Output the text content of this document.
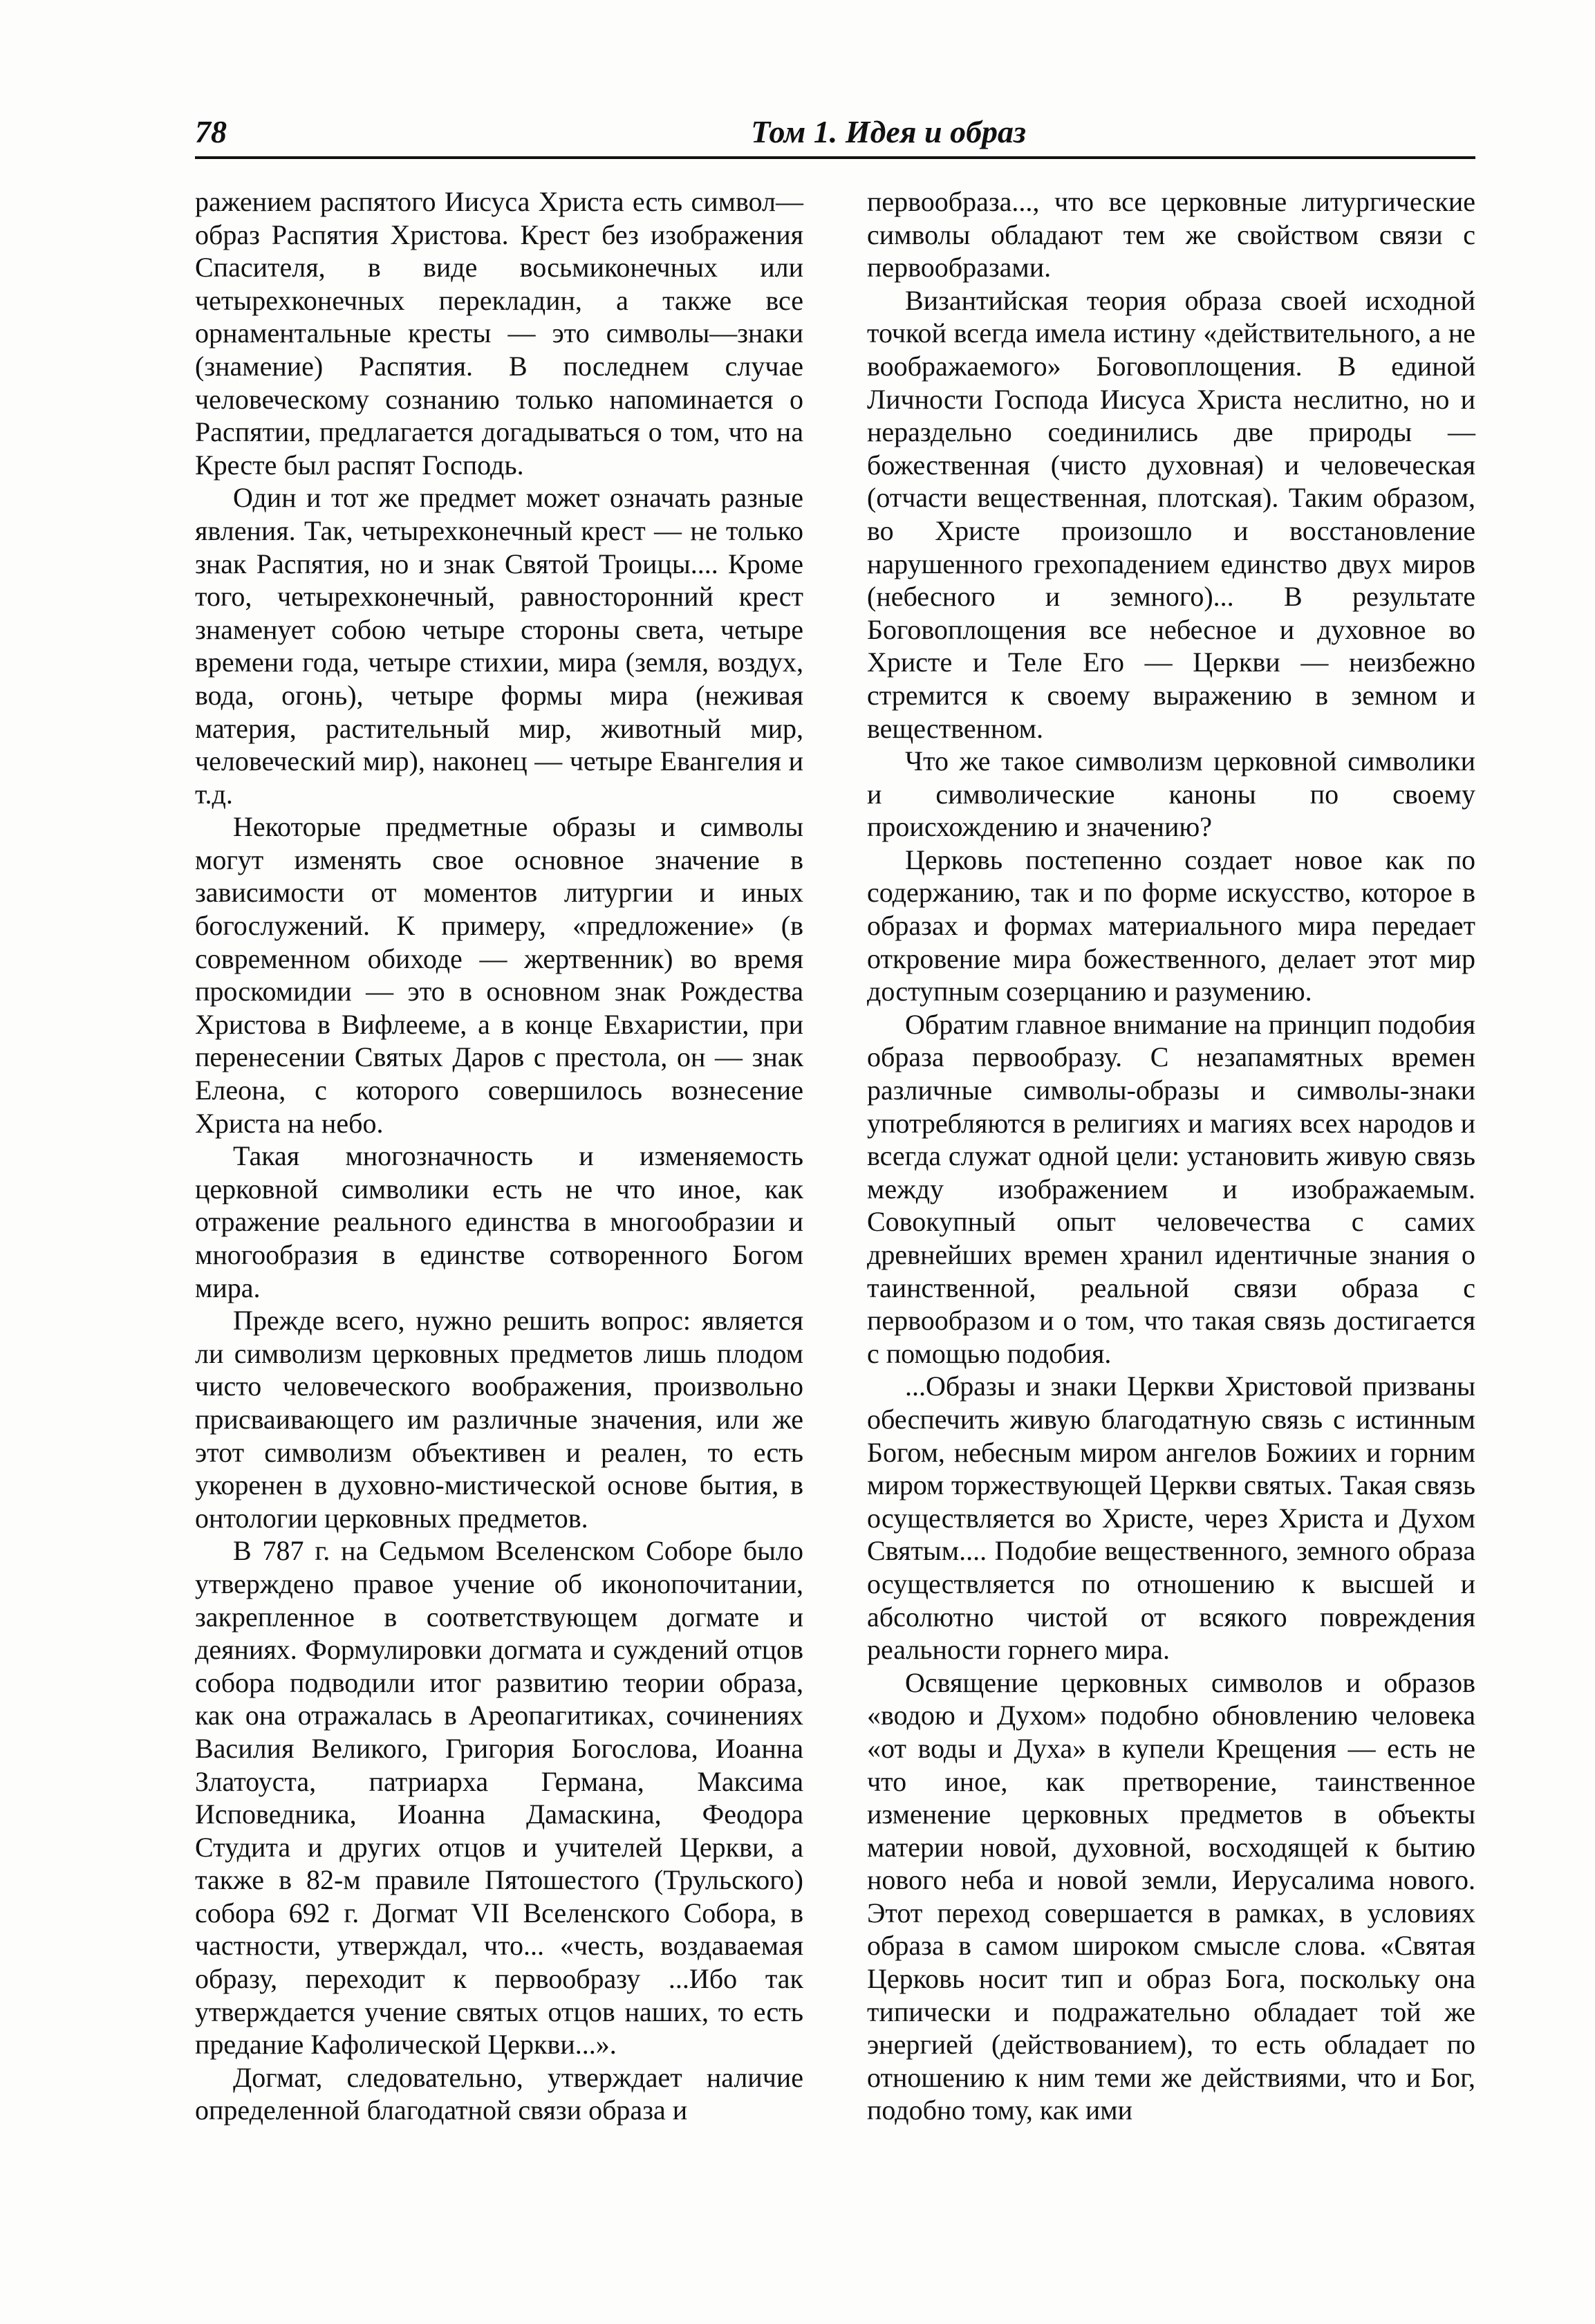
78	Том 1. Идея и образ

ражением распятого Иисуса Христа есть символ—образ Распятия Христова. Крест без изображения Спасителя, в виде восьмиконечных или четырехконечных перекладин, а также все орнаментальные кресты — это символы—знаки (знамение) Распятия. В последнем случае человеческому сознанию только напоминается о Распятии, предлагается догадываться о том, что на Кресте был распят Господь.

Один и тот же предмет может означать разные явления. Так, четырехконечный крест — не только знак Распятия, но и знак Святой Троицы.... Кроме того, четырехконечный, равносторонний крест знаменует собою четыре стороны света, четыре времени года, четыре стихии, мира (земля, воздух, вода, огонь), четыре формы мира (неживая материя, растительный мир, животный мир, человеческий мир), наконец — четыре Евангелия и т.д.

Некоторые предметные образы и символы могут изменять свое основное значение в зависимости от моментов литургии и иных богослужений. К примеру, «предложение» (в современном обиходе — жертвенник) во время проскомидии — это в основном знак Рождества Христова в Вифлееме, а в конце Евхаристии, при перенесении Святых Даров с престола, он — знак Елеона, с которого совершилось вознесение Христа на небо.

Такая многозначность и изменяемость церковной символики есть не что иное, как отражение реального единства в многообразии и многообразия в единстве сотворенного Богом мира.

Прежде всего, нужно решить вопрос: является ли символизм церковных предметов лишь плодом чисто человеческого воображения, произвольно присваивающего им различные значения, или же этот символизм объективен и реален, то есть укоренен в духовно-мистической основе бытия, в онтологии церковных предметов.

В 787 г. на Седьмом Вселенском Соборе было утверждено правое учение об иконопочитании, закрепленное в соответствующем догмате и деяниях. Формулировки догмата и суждений отцов собора подводили итог развитию теории образа, как она отражалась в Ареопагитиках, сочинениях Василия Великого, Григория Богослова, Иоанна Златоуста, патриарха Германа, Максима Исповедника, Иоанна Дамаскина, Феодора Студита и других отцов и учителей Церкви, а также в 82-м правиле Пятошестого (Трульского) собора 692 г. Догмат VII Вселенского Собора, в частности, утверждал, что... «честь, воздаваемая образу, переходит к первообразу ...Ибо так утверждается учение святых отцов наших, то есть предание Кафолической Церкви...».

Догмат, следовательно, утверждает наличие определенной благодатной связи образа и

первообраза..., что все церковные литургические символы обладают тем же свойством связи с первообразами.

Византийская теория образа своей исходной точкой всегда имела истину «действительного, а не воображаемого» Боговоплощения. В единой Личности Господа Иисуса Христа неслитно, но и нераздельно соединились две природы — божественная (чисто духовная) и человеческая (отчасти вещественная, плотская). Таким образом, во Христе произошло и восстановление нарушенного грехопадением единство двух миров (небесного и земного)... В результате Боговоплощения все небесное и духовное во Христе и Теле Его — Церкви — неизбежно стремится к своему выражению в земном и вещественном.

Что же такое символизм церковной символики и символические каноны по своему происхождению и значению?

Церковь постепенно создает новое как по содержанию, так и по форме искусство, которое в образах и формах материального мира передает откровение мира божественного, делает этот мир доступным созерцанию и разумению.

Обратим главное внимание на принцип подобия образа первообразу. С незапамятных времен различные символы-образы и символы-знаки употребляются в религиях и магиях всех народов и всегда служат одной цели: установить живую связь между изображением и изображаемым. Совокупный опыт человечества с самих древнейших времен хранил идентичные знания о таинственной, реальной связи образа с первообразом и о том, что такая связь достигается с помощью подобия.

...Образы и знаки Церкви Христовой призваны обеспечить живую благодатную связь с истинным Богом, небесным миром ангелов Божиих и горним миром торжествующей Церкви святых. Такая связь осуществляется во Христе, через Христа и Духом Святым.... Подобие вещественного, земного образа осуществляется по отношению к высшей и абсолютно чистой от всякого повреждения реальности горнего мира.

Освящение церковных символов и образов «водою и Духом» подобно обновлению человека «от воды и Духа» в купели Крещения — есть не что иное, как претворение, таинственное изменение церковных предметов в объекты материи новой, духовной, восходящей к бытию нового неба и новой земли, Иерусалима нового. Этот переход совершается в рамках, в условиях образа в самом широком смысле слова. «Святая Церковь носит тип и образ Бога, поскольку она типически и подражательно обладает той же энергией (действованием), то есть обладает по отношению к ним теми же действиями, что и Бог, подобно тому, как ими
